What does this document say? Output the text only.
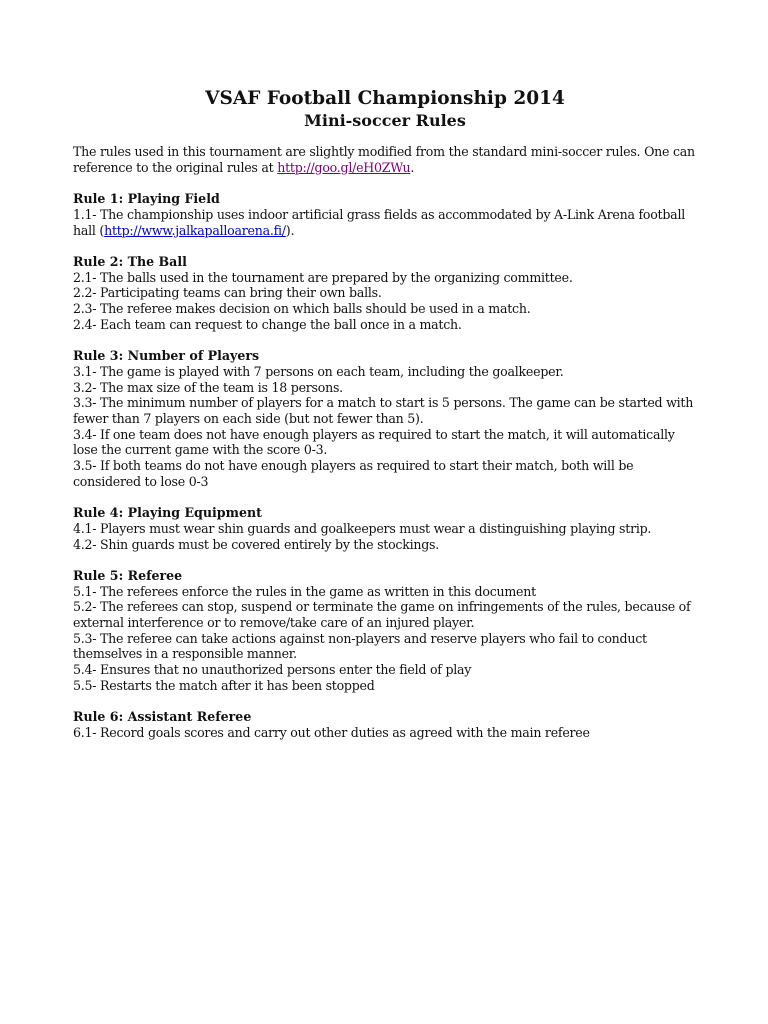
VSAF Football Championship 2014
Mini-soccer Rules

The rules used in this tournament are slightly modified from the standard mini-soccer rules. One can reference to the original rules at http://goo.gl/eH0ZWu.

Rule 1: Playing Field

1.1- The championship uses indoor artificial grass fields as accommodated by A-Link Arena football hall (http://www.jalkapalloarena.fi/).

Rule 2: The Ball

2.1- The balls used in the tournament are prepared by the organizing committee.

2.2- Participating teams can bring their own balls.

2.3- The referee makes decision on which balls should be used in a match.

2.4- Each team can request to change the ball once in a match.

Rule 3: Number of Players

3.1- The game is played with 7 persons on each team, including the goalkeeper.

3.2- The max size of the team is 18 persons.

3.3- The minimum number of players for a match to start is 5 persons. The game can be started with fewer than 7 players on each side (but not fewer than 5).

3.4- If one team does not have enough players as required to start the match, it will automatically lose the current game with the score 0-3.

3.5- If both teams do not have enough players as required to start their match, both will be considered to lose 0-3

Rule 4: Playing Equipment

4.1- Players must wear shin guards and goalkeepers must wear a distinguishing playing strip.

4.2- Shin guards must be covered entirely by the stockings.

Rule 5: Referee

5.1- The referees enforce the rules in the game as written in this document

5.2- The referees can stop, suspend or terminate the game on infringements of the rules, because of external interference or to remove/take care of an injured player.

5.3- The referee can take actions against non-players and reserve players who fail to conduct themselves in a responsible manner.

5.4- Ensures that no unauthorized persons enter the field of play

5.5- Restarts the match after it has been stopped

Rule 6: Assistant Referee

6.1- Record goals scores and carry out other duties as agreed with the main referee
